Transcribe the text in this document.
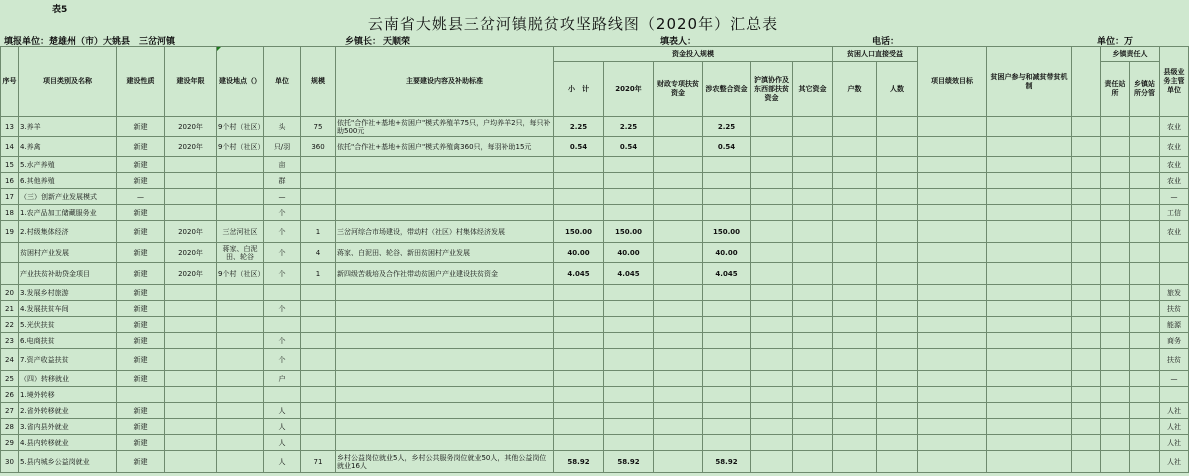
表5
云南省大姚县三岔河镇脱贫攻坚路线图（2020年）汇总表
填报单位：楚雄州（市）大姚县　三岔河镇	乡镇长： 天顺荣	填表人：	电话：	单位：万
序号	项目类别及名称	建设性质	建设年限	建设地点（）	单位	规模	主要建设内容及补助标准	资金投入规模						贫困人口直接受益		项目绩效目标	贫困户参与和减贫带贫机制		乡镇责任人		县级业务主管单位
								小　计	2020年	财政专项扶贫资金	涉农整合资金	沪滇协作及东西部扶贫资金	其它资金	户数	人数				责任站所	乡镇站所分管	
13	3.养羊	新建	2020年	9个村（社区）	头	75	依托"合作社+基地+贫困户"模式养殖羊75只，户均养羊2只，每只补助500元	2.25	2.25		2.25										农业
14	4.养禽	新建	2020年	9个村（社区）	只/羽	360	依托"合作社+基地+贫困户"模式养殖禽360只，每羽补助15元	0.54	0.54		0.54										农业
15	5.水产养殖	新建			亩																农业
16	6.其他养殖	新建			群																农业
17	（三）创新产业发展模式	—			—																—
18	1.农产品加工储藏服务业	新建			个																工信
19	2.村级集体经济	新建	2020年	三岔河社区	个	1	三岔河综合市场建设，带动村（社区）村集体经济发展	150.00	150.00		150.00										农业
	贫困村产业发展	新建	2020年	蒋家、白泥田、轮谷	个	4	蒋家、白泥田、轮谷、新田贫困村产业发展	40.00	40.00		40.00										
	产业扶贫补助贷金项目	新建	2020年	9个村（社区）	个	1	新四级苦栽培及合作社带动贫困户产业建设扶贫资金	4.045	4.045		4.045										
20	3.发展乡村旅游	新建																			旅发
21	4.发展扶贫车间	新建			个																扶贫
22	5.光伏扶贫	新建																			能源
23	6.电商扶贫	新建			个																商务
24	7.资产收益扶贫	新建			个																扶贫
25	（四）转移就业	新建			户																—
26	1.境外转移																				
27	2.省外转移就业	新建			人																人社
28	3.省内县外就业	新建			人																人社
29	4.县内转移就业	新建			人																人社
30	5.县内城乡公益岗就业	新建			人	71	乡村公益岗位就业5人，乡村公共服务岗位就业50人，其他公益岗位就业16人	58.92	58.92		58.92										人社
